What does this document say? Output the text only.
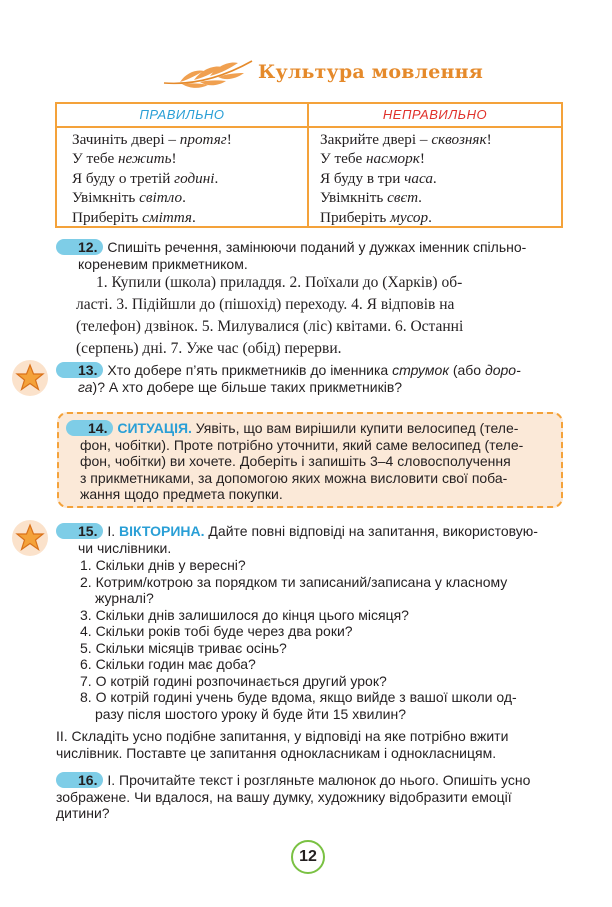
Культура мовлення
ПРАВИЛЬНО	НЕПРАВИЛЬНО
Зачиніть двері – протяг!
У тебе нежить!
Я буду о третій годині.
Увімкніть світло.
Приберіть сміття.
Закрийте двері – сквозняк!
У тебе насморк!
Я буду в три часа.
Увімкніть свєт.
Приберіть мусор.
12. Спишіть речення, замінюючи поданий у дужках іменник спільно-
кореневим прикметником.
1. Купили (школа) приладдя. 2. Поїхали до (Харків) об-
ласті. 3. Підійшли до (пішохід) переходу. 4. Я відповів на
(телефон) дзвінок. 5. Милувалися (ліс) квітами. 6. Останні
(серпень) дні. 7. Уже час (обід) перерви.
13. Хто добере п’ять прикметників до іменника струмок (або доро-
га)? А хто добере ще більше таких прикметників?
14. СИТУАЦІЯ. Уявіть, що вам вирішили купити велосипед (теле-
фон, чобітки). Проте потрібно уточнити, який саме велосипед (теле-
фон, чобітки) ви хочете. Доберіть і запишіть 3–4 словосполучення
з прикметниками, за допомогою яких можна висловити свої поба-
жання щодо предмета покупки.
15. I. ВІКТОРИНА. Дайте повні відповіді на запитання, використовую-
чи числівники.
1. Скільки днів у вересні?
2. Котрим/котрою за порядком ти записаний/записана у класному
журналі?
3. Скільки днів залишилося до кінця цього місяця?
4. Скільки років тобі буде через два роки?
5. Скільки місяців триває осінь?
6. Скільки годин має доба?
7. О котрій годині розпочинається другий урок?
8. О котрій годині учень буде вдома, якщо вийде з вашої школи од-
разу після шостого уроку й буде йти 15 хвилин?
II. Складіть усно подібне запитання, у відповіді на яке потрібно вжити
числівник. Поставте це запитання однокласникам і однокласницям.
16. I. Прочитайте текст і розгляньте малюнок до нього. Опишіть усно
зображене. Чи вдалося, на вашу думку, художнику відобразити емоції
дитини?
12
